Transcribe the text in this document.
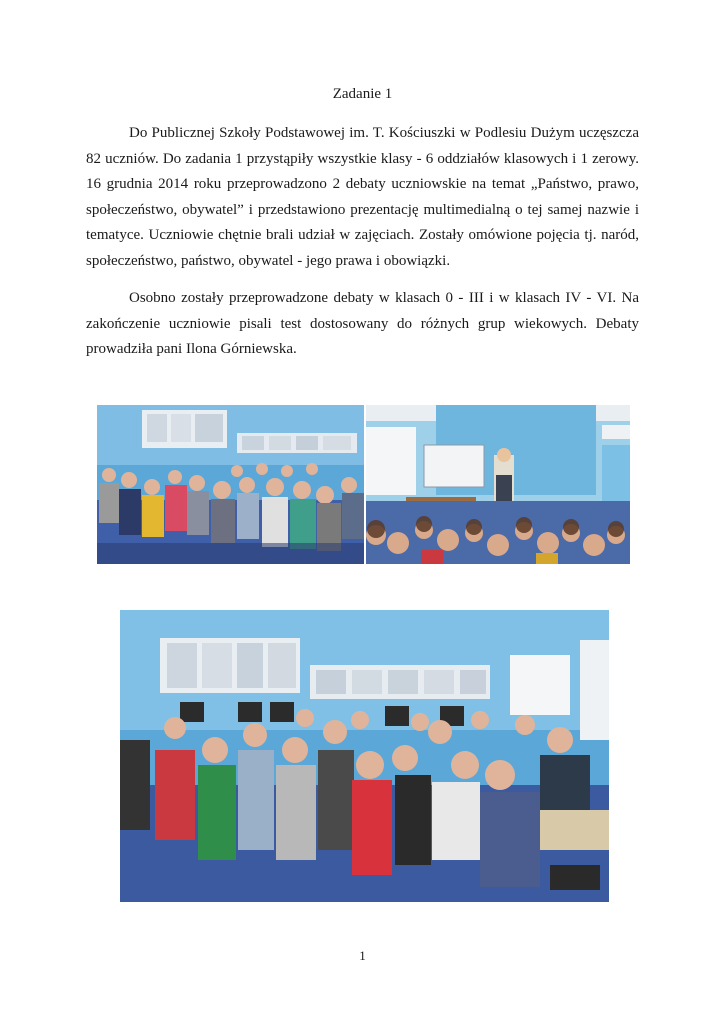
Zadanie 1

Do Publicznej Szkoły Podstawowej im. T. Kościuszki w Podlesiu Dużym uczęszcza 82 uczniów. Do zadania 1 przystąpiły wszystkie klasy - 6 oddziałów klasowych i 1 zerowy. 16 grudnia 2014 roku przeprowadzono 2 debaty uczniowskie na temat „Państwo, prawo, społeczeństwo, obywatel” i przedstawiono prezentację multimedialną o tej samej nazwie i tematyce. Uczniowie chętnie brali udział w zajęciach. Zostały omówione pojęcia tj. naród, społeczeństwo, państwo, obywatel - jego prawa i obowiązki.

Osobno zostały przeprowadzone debaty w klasach 0 - III i w klasach IV - VI. Na zakończenie uczniowie pisali test dostosowany do różnych grup wiekowych. Debaty prowadziła pani Ilona Górniewska.

1
